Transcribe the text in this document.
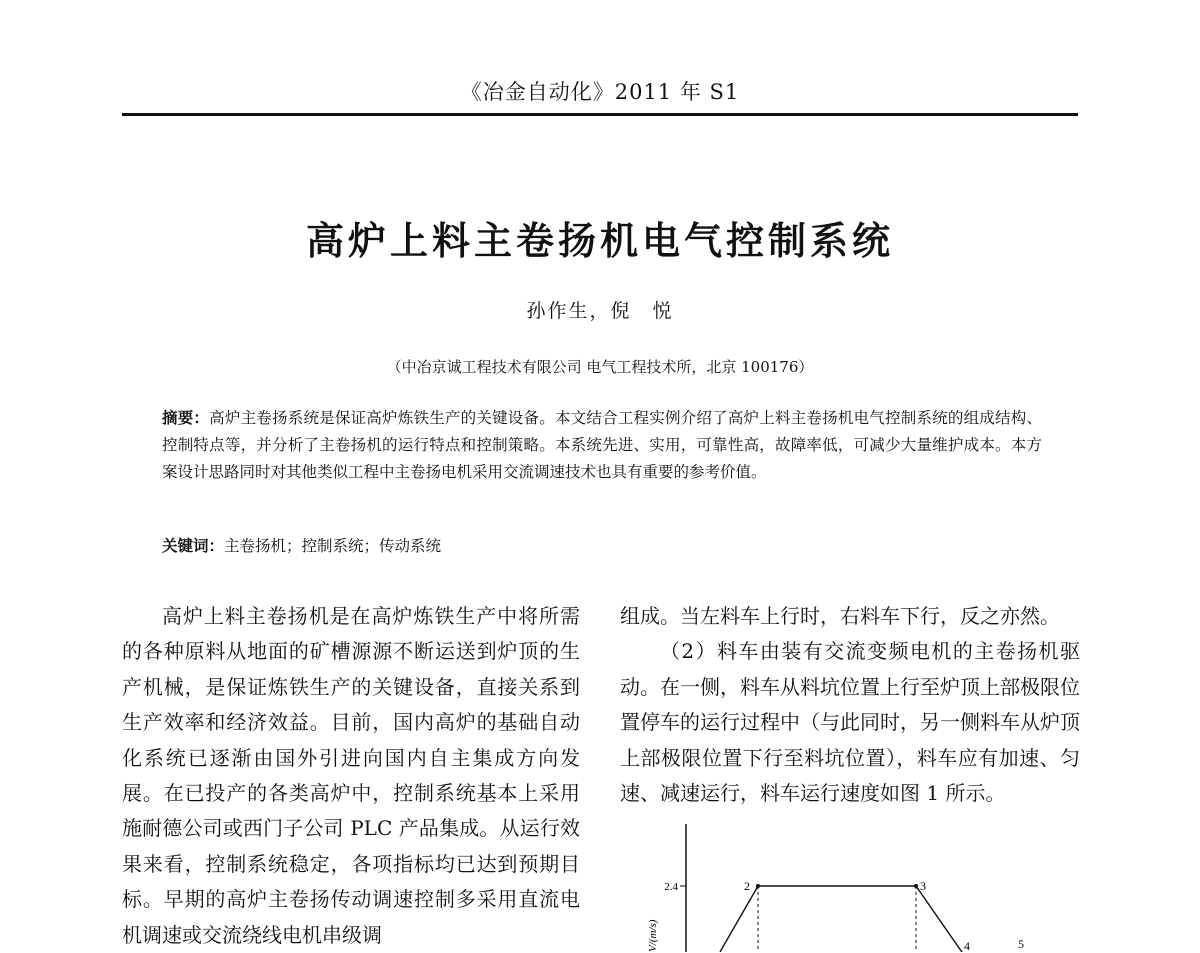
《冶金自动化》2011 年 S1
高炉上料主卷扬机电气控制系统
孙作生，倪　悦
（中冶京诚工程技术有限公司 电气工程技术所，北京 100176）
摘要：高炉主卷扬系统是保证高炉炼铁生产的关键设备。本文结合工程实例介绍了高炉上料主卷扬机电气控制系统的组成结构、控制特点等，并分析了主卷扬机的运行特点和控制策略。本系统先进、实用，可靠性高，故障率低，可减少大量维护成本。本方案设计思路同时对其他类似工程中主卷扬电机采用交流调速技术也具有重要的参考价值。
关键词：主卷扬机；控制系统；传动系统

高炉上料主卷扬机是在高炉炼铁生产中将所需的各种原料从地面的矿槽源源不断运送到炉顶的生产机械，是保证炼铁生产的关键设备，直接关系到生产效率和经济效益。目前，国内高炉的基础自动化系统已逐渐由国外引进向国内自主集成方向发展。在已投产的各类高炉中，控制系统基本上采用施耐德公司或西门子公司 PLC 产品集成。从运行效果来看，控制系统稳定，各项指标均已达到预期目标。早期的高炉主卷扬传动调速控制多采用直流电机调速或交流绕线电机串级调

组成。当左料车上行时，右料车下行，反之亦然。

（2）料车由装有交流变频电机的主卷扬机驱动。在一侧，料车从料坑位置上行至炉顶上部极限位置停车的运行过程中（与此同时，另一侧料车从炉顶上部极限位置下行至料坑位置），料车应有加速、匀速、减速运行，料车运行速度如图 1 所示。

2.4
V/(m/s)
2	3
4	5
